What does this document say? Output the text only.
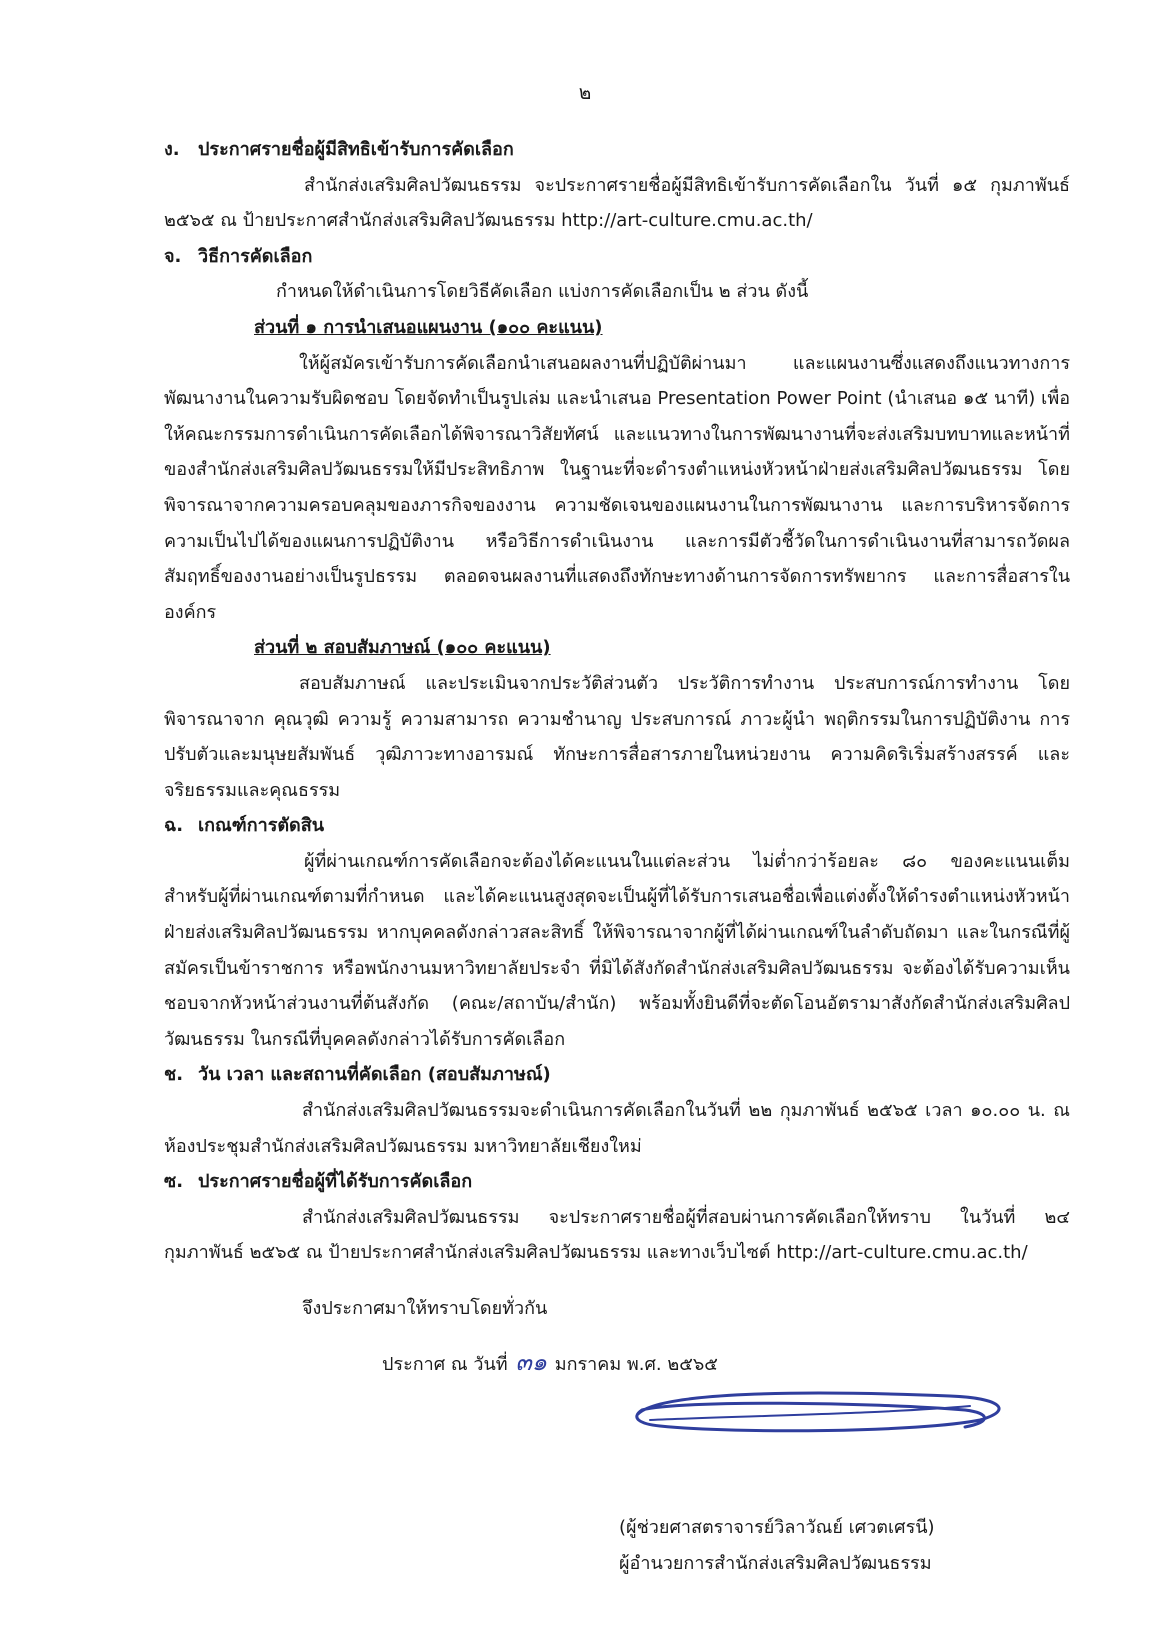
๒
ง.	ประกาศรายชื่อผู้มีสิทธิเข้ารับการคัดเลือก
สำนักส่งเสริมศิลปวัฒนธรรม จะประกาศรายชื่อผู้มีสิทธิเข้ารับการคัดเลือกใน วันที่ ๑๕ กุมภาพันธ์ ๒๕๖๕ ณ ป้ายประกาศสำนักส่งเสริมศิลปวัฒนธรรม http://art-culture.cmu.ac.th/
จ. วิธีการคัดเลือก
กำหนดให้ดำเนินการโดยวิธีคัดเลือก แบ่งการคัดเลือกเป็น ๒ ส่วน ดังนี้
ส่วนที่ ๑ การนำเสนอแผนงาน (๑๐๐ คะแนน)
ให้ผู้สมัครเข้ารับการคัดเลือกนำเสนอผลงานที่ปฏิบัติผ่านมา และแผนงานซึ่งแสดงถึงแนวทางการพัฒนางานในความรับผิดชอบ โดยจัดทำเป็นรูปเล่ม และนำเสนอ Presentation Power Point (นำเสนอ ๑๕ นาที) เพื่อให้คณะกรรมการดำเนินการคัดเลือกได้พิจารณาวิสัยทัศน์ และแนวทางในการพัฒนางานที่จะส่งเสริมบทบาทและหน้าที่ของสำนักส่งเสริมศิลปวัฒนธรรมให้มีประสิทธิภาพ ในฐานะที่จะดำรงตำแหน่งหัวหน้าฝ่ายส่งเสริมศิลปวัฒนธรรม โดยพิจารณาจากความครอบคลุมของภารกิจของงาน ความชัดเจนของแผนงานในการพัฒนางาน และการบริหารจัดการ ความเป็นไปได้ของแผนการปฏิบัติงาน หรือวิธีการดำเนินงาน และการมีตัวชี้วัดในการดำเนินงานที่สามารถวัดผลสัมฤทธิ์ของงานอย่างเป็นรูปธรรม ตลอดจนผลงานที่แสดงถึงทักษะทางด้านการจัดการทรัพยากร และการสื่อสารในองค์กร
ส่วนที่ ๒ สอบสัมภาษณ์ (๑๐๐ คะแนน)
สอบสัมภาษณ์ และประเมินจากประวัติส่วนตัว ประวัติการทำงาน ประสบการณ์การทำงาน โดยพิจารณาจาก คุณวุฒิ ความรู้ ความสามารถ ความชำนาญ ประสบการณ์ ภาวะผู้นำ พฤติกรรมในการปฏิบัติงาน การปรับตัวและมนุษยสัมพันธ์ วุฒิภาวะทางอารมณ์ ทักษะการสื่อสารภายในหน่วยงาน ความคิดริเริ่มสร้างสรรค์ และจริยธรรมและคุณธรรม
ฉ. เกณฑ์การตัดสิน
ผู้ที่ผ่านเกณฑ์การคัดเลือกจะต้องได้คะแนนในแต่ละส่วน ไม่ต่ำกว่าร้อยละ ๘๐ ของคะแนนเต็ม สำหรับผู้ที่ผ่านเกณฑ์ตามที่กำหนด และได้คะแนนสูงสุดจะเป็นผู้ที่ได้รับการเสนอชื่อเพื่อแต่งตั้งให้ดำรงตำแหน่งหัวหน้าฝ่ายส่งเสริมศิลปวัฒนธรรม หากบุคคลดังกล่าวสละสิทธิ์ ให้พิจารณาจากผู้ที่ได้ผ่านเกณฑ์ในลำดับถัดมา และในกรณีที่ผู้สมัครเป็นข้าราชการ หรือพนักงานมหาวิทยาลัยประจำ ที่มิได้สังกัดสำนักส่งเสริมศิลปวัฒนธรรม จะต้องได้รับความเห็นชอบจากหัวหน้าส่วนงานที่ต้นสังกัด (คณะ/สถาบัน/สำนัก) พร้อมทั้งยินดีที่จะตัดโอนอัตรามาสังกัดสำนักส่งเสริมศิลปวัฒนธรรม ในกรณีที่บุคคลดังกล่าวได้รับการคัดเลือก
ช. วัน เวลา และสถานที่คัดเลือก (สอบสัมภาษณ์)
สำนักส่งเสริมศิลปวัฒนธรรมจะดำเนินการคัดเลือกในวันที่ ๒๒ กุมภาพันธ์ ๒๕๖๕ เวลา ๑๐.๐๐ น. ณ ห้องประชุมสำนักส่งเสริมศิลปวัฒนธรรม มหาวิทยาลัยเชียงใหม่
ซ. ประกาศรายชื่อผู้ที่ได้รับการคัดเลือก
สำนักส่งเสริมศิลปวัฒนธรรม จะประกาศรายชื่อผู้ที่สอบผ่านการคัดเลือกให้ทราบ ในวันที่ ๒๔ กุมภาพันธ์ ๒๕๖๕ ณ ป้ายประกาศสำนักส่งเสริมศิลปวัฒนธรรม และทางเว็บไซต์ http://art-culture.cmu.ac.th/
จึงประกาศมาให้ทราบโดยทั่วกัน
ประกาศ ณ วันที่ ๓๑ มกราคม พ.ศ. ๒๕๖๕
(ผู้ช่วยศาสตราจารย์วิลาวัณย์ เศวตเศรนี)
ผู้อำนวยการสำนักส่งเสริมศิลปวัฒนธรรม
